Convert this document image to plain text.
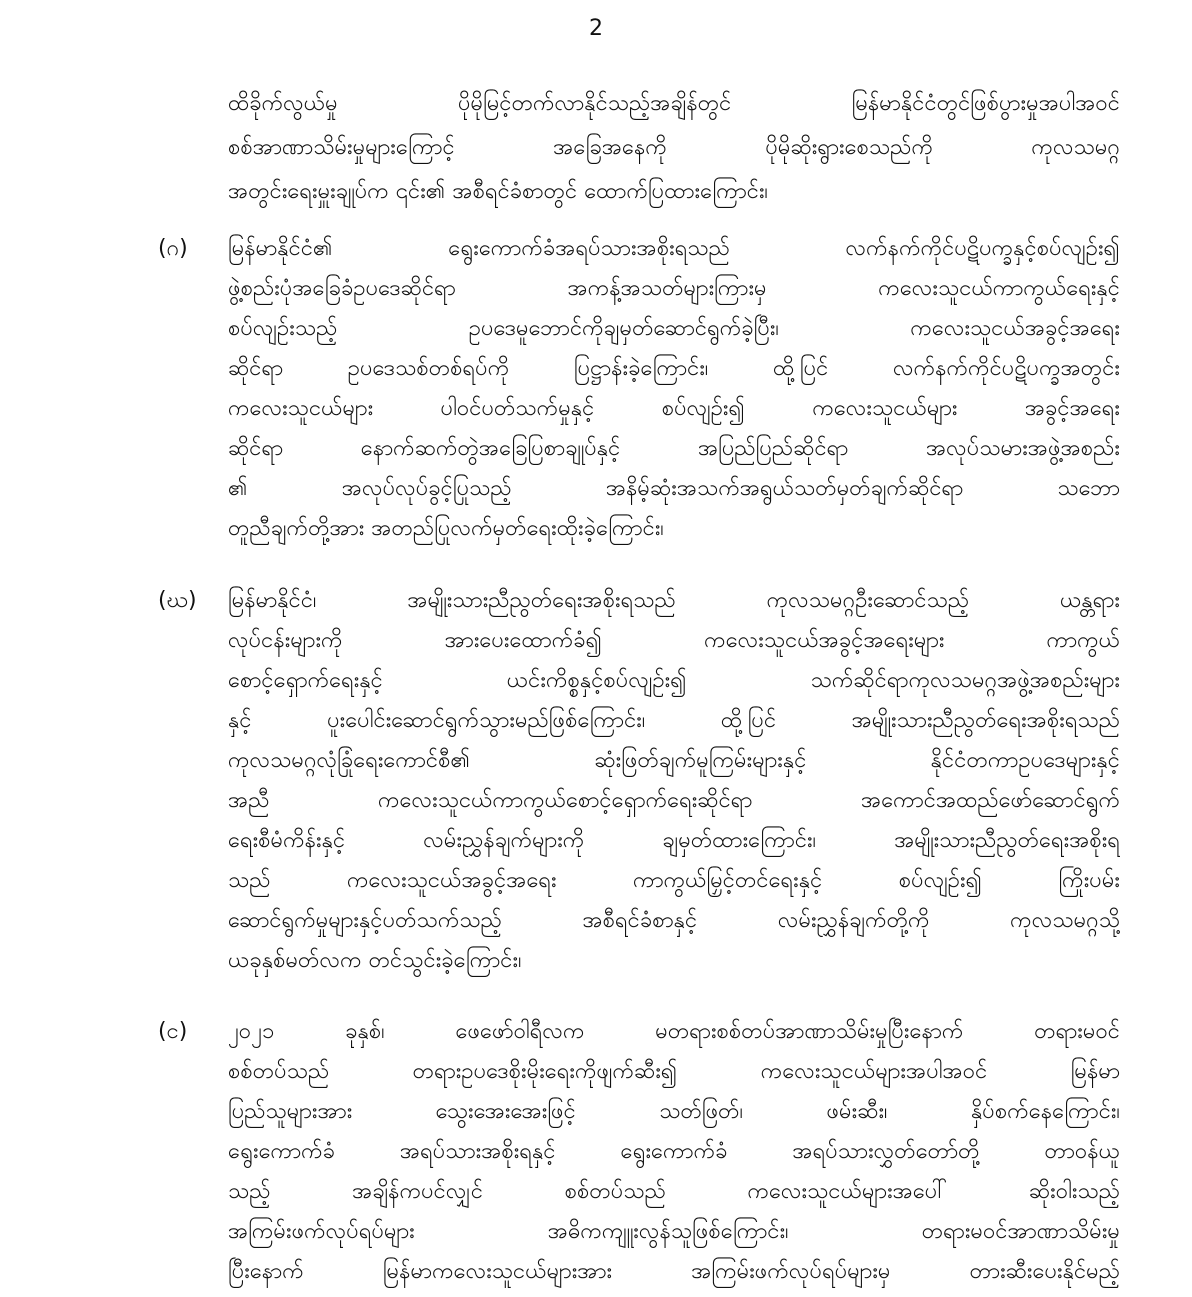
2
ထိခိုက်လွယ်မှု ပိုမိုမြင့်တက်လာနိုင်သည့်အချိန်တွင် မြန်မာနိုင်ငံတွင်ဖြစ်ပွားမှုအပါအဝင်
စစ်အာဏာသိမ်းမှုများကြောင့် အခြေအနေကို ပိုမိုဆိုးရွားစေသည်ကို ကုလသမဂ္ဂ
အတွင်းရေးမှူးချုပ်က ၎င်း၏ အစီရင်ခံစာတွင် ထောက်ပြထားကြောင်း၊
(ဂ) မြန်မာနိုင်ငံ၏ ရွေးကောက်ခံအရပ်သားအစိုးရသည် လက်နက်ကိုင်ပဋိပက္ခနှင့်စပ်လျဉ်း၍
ဖွဲ့စည်းပုံအခြေခံဥပဒေဆိုင်ရာ အကန့်အသတ်များကြားမှ ကလေးသူငယ်ကာကွယ်ရေးနှင့်
စပ်လျဉ်းသည့် ဥပဒေမူဘောင်ကိုချမှတ်ဆောင်ရွက်ခဲ့ပြီး၊ ကလေးသူငယ်အခွင့်အရေး
ဆိုင်ရာ ဥပဒေသစ်တစ်ရပ်ကို ပြဋ္ဌာန်းခဲ့ကြောင်း၊ ထို့ပြင် လက်နက်ကိုင်ပဋိပက္ခအတွင်း
ကလေးသူငယ်များ ပါဝင်ပတ်သက်မှုနှင့် စပ်လျဉ်း၍ ကလေးသူငယ်များ အခွင့်အရေး
ဆိုင်ရာ နောက်ဆက်တွဲအခြေပြစာချုပ်နှင့် အပြည်ပြည်ဆိုင်ရာ အလုပ်သမားအဖွဲ့အစည်း
၏ အလုပ်လုပ်ခွင့်ပြုသည့် အနိမ့်ဆုံးအသက်အရွယ်သတ်မှတ်ချက်ဆိုင်ရာ သဘော
တူညီချက်တို့အား အတည်ပြုလက်မှတ်ရေးထိုးခဲ့ကြောင်း၊
(ဃ) မြန်မာနိုင်ငံ၊ အမျိုးသားညီညွတ်ရေးအစိုးရသည် ကုလသမဂ္ဂဦးဆောင်သည့် ယန္တရား
လုပ်ငန်းများကို အားပေးထောက်ခံ၍ ကလေးသူငယ်အခွင့်အရေးများ ကာကွယ်
စောင့်ရှောက်ရေးနှင့် ယင်းကိစ္စနှင့်စပ်လျဉ်း၍ သက်ဆိုင်ရာကုလသမဂ္ဂအဖွဲ့အစည်းများ
နှင့် ပူးပေါင်းဆောင်ရွက်သွားမည်ဖြစ်ကြောင်း၊ ထို့ပြင် အမျိုးသားညီညွတ်ရေးအစိုးရသည်
ကုလသမဂ္ဂလုံခြုံရေးကောင်စီ၏ ဆုံးဖြတ်ချက်မူကြမ်းများနှင့် နိုင်ငံတကာဥပဒေများနှင့်
အညီ ကလေးသူငယ်ကာကွယ်စောင့်ရှောက်ရေးဆိုင်ရာ အကောင်အထည်ဖော်ဆောင်ရွက်
ရေးစီမံကိန်းနှင့် လမ်းညွှန်ချက်များကို ချမှတ်ထားကြောင်း၊ အမျိုးသားညီညွတ်ရေးအစိုးရ
သည် ကလေးသူငယ်အခွင့်အရေး ကာကွယ်မြှင့်တင်ရေးနှင့် စပ်လျဉ်း၍ ကြိုးပမ်း
ဆောင်ရွက်မှုများနှင့်ပတ်သက်သည့် အစီရင်ခံစာနှင့် လမ်းညွှန်ချက်တို့ကို ကုလသမဂ္ဂသို့
ယခုနှစ်မတ်လက တင်သွင်းခဲ့ကြောင်း၊
(င) ၂၀၂၁ ခုနှစ်၊ ဖေဖော်ဝါရီလက မတရားစစ်တပ်အာဏာသိမ်းမှုပြီးနောက် တရားမဝင်
စစ်တပ်သည် တရားဥပဒေစိုးမိုးရေးကိုဖျက်ဆီး၍ ကလေးသူငယ်များအပါအဝင် မြန်မာ
ပြည်သူများအား သွေးအေးအေးဖြင့် သတ်ဖြတ်၊ ဖမ်းဆီး၊ နှိပ်စက်နေကြောင်း၊
ရွေးကောက်ခံ အရပ်သားအစိုးရနှင့် ရွေးကောက်ခံ အရပ်သားလွှတ်တော်တို့ တာဝန်ယူ
သည့် အချိန်ကပင်လျှင် စစ်တပ်သည် ကလေးသူငယ်များအပေါ် ဆိုးဝါးသည့်
အကြမ်းဖက်လုပ်ရပ်များ အဓိကကျူးလွန်သူဖြစ်ကြောင်း၊ တရားမဝင်အာဏာသိမ်းမှု
ပြီးနောက် မြန်မာကလေးသူငယ်များအား အကြမ်းဖက်လုပ်ရပ်များမှ တားဆီးပေးနိုင်မည့်
